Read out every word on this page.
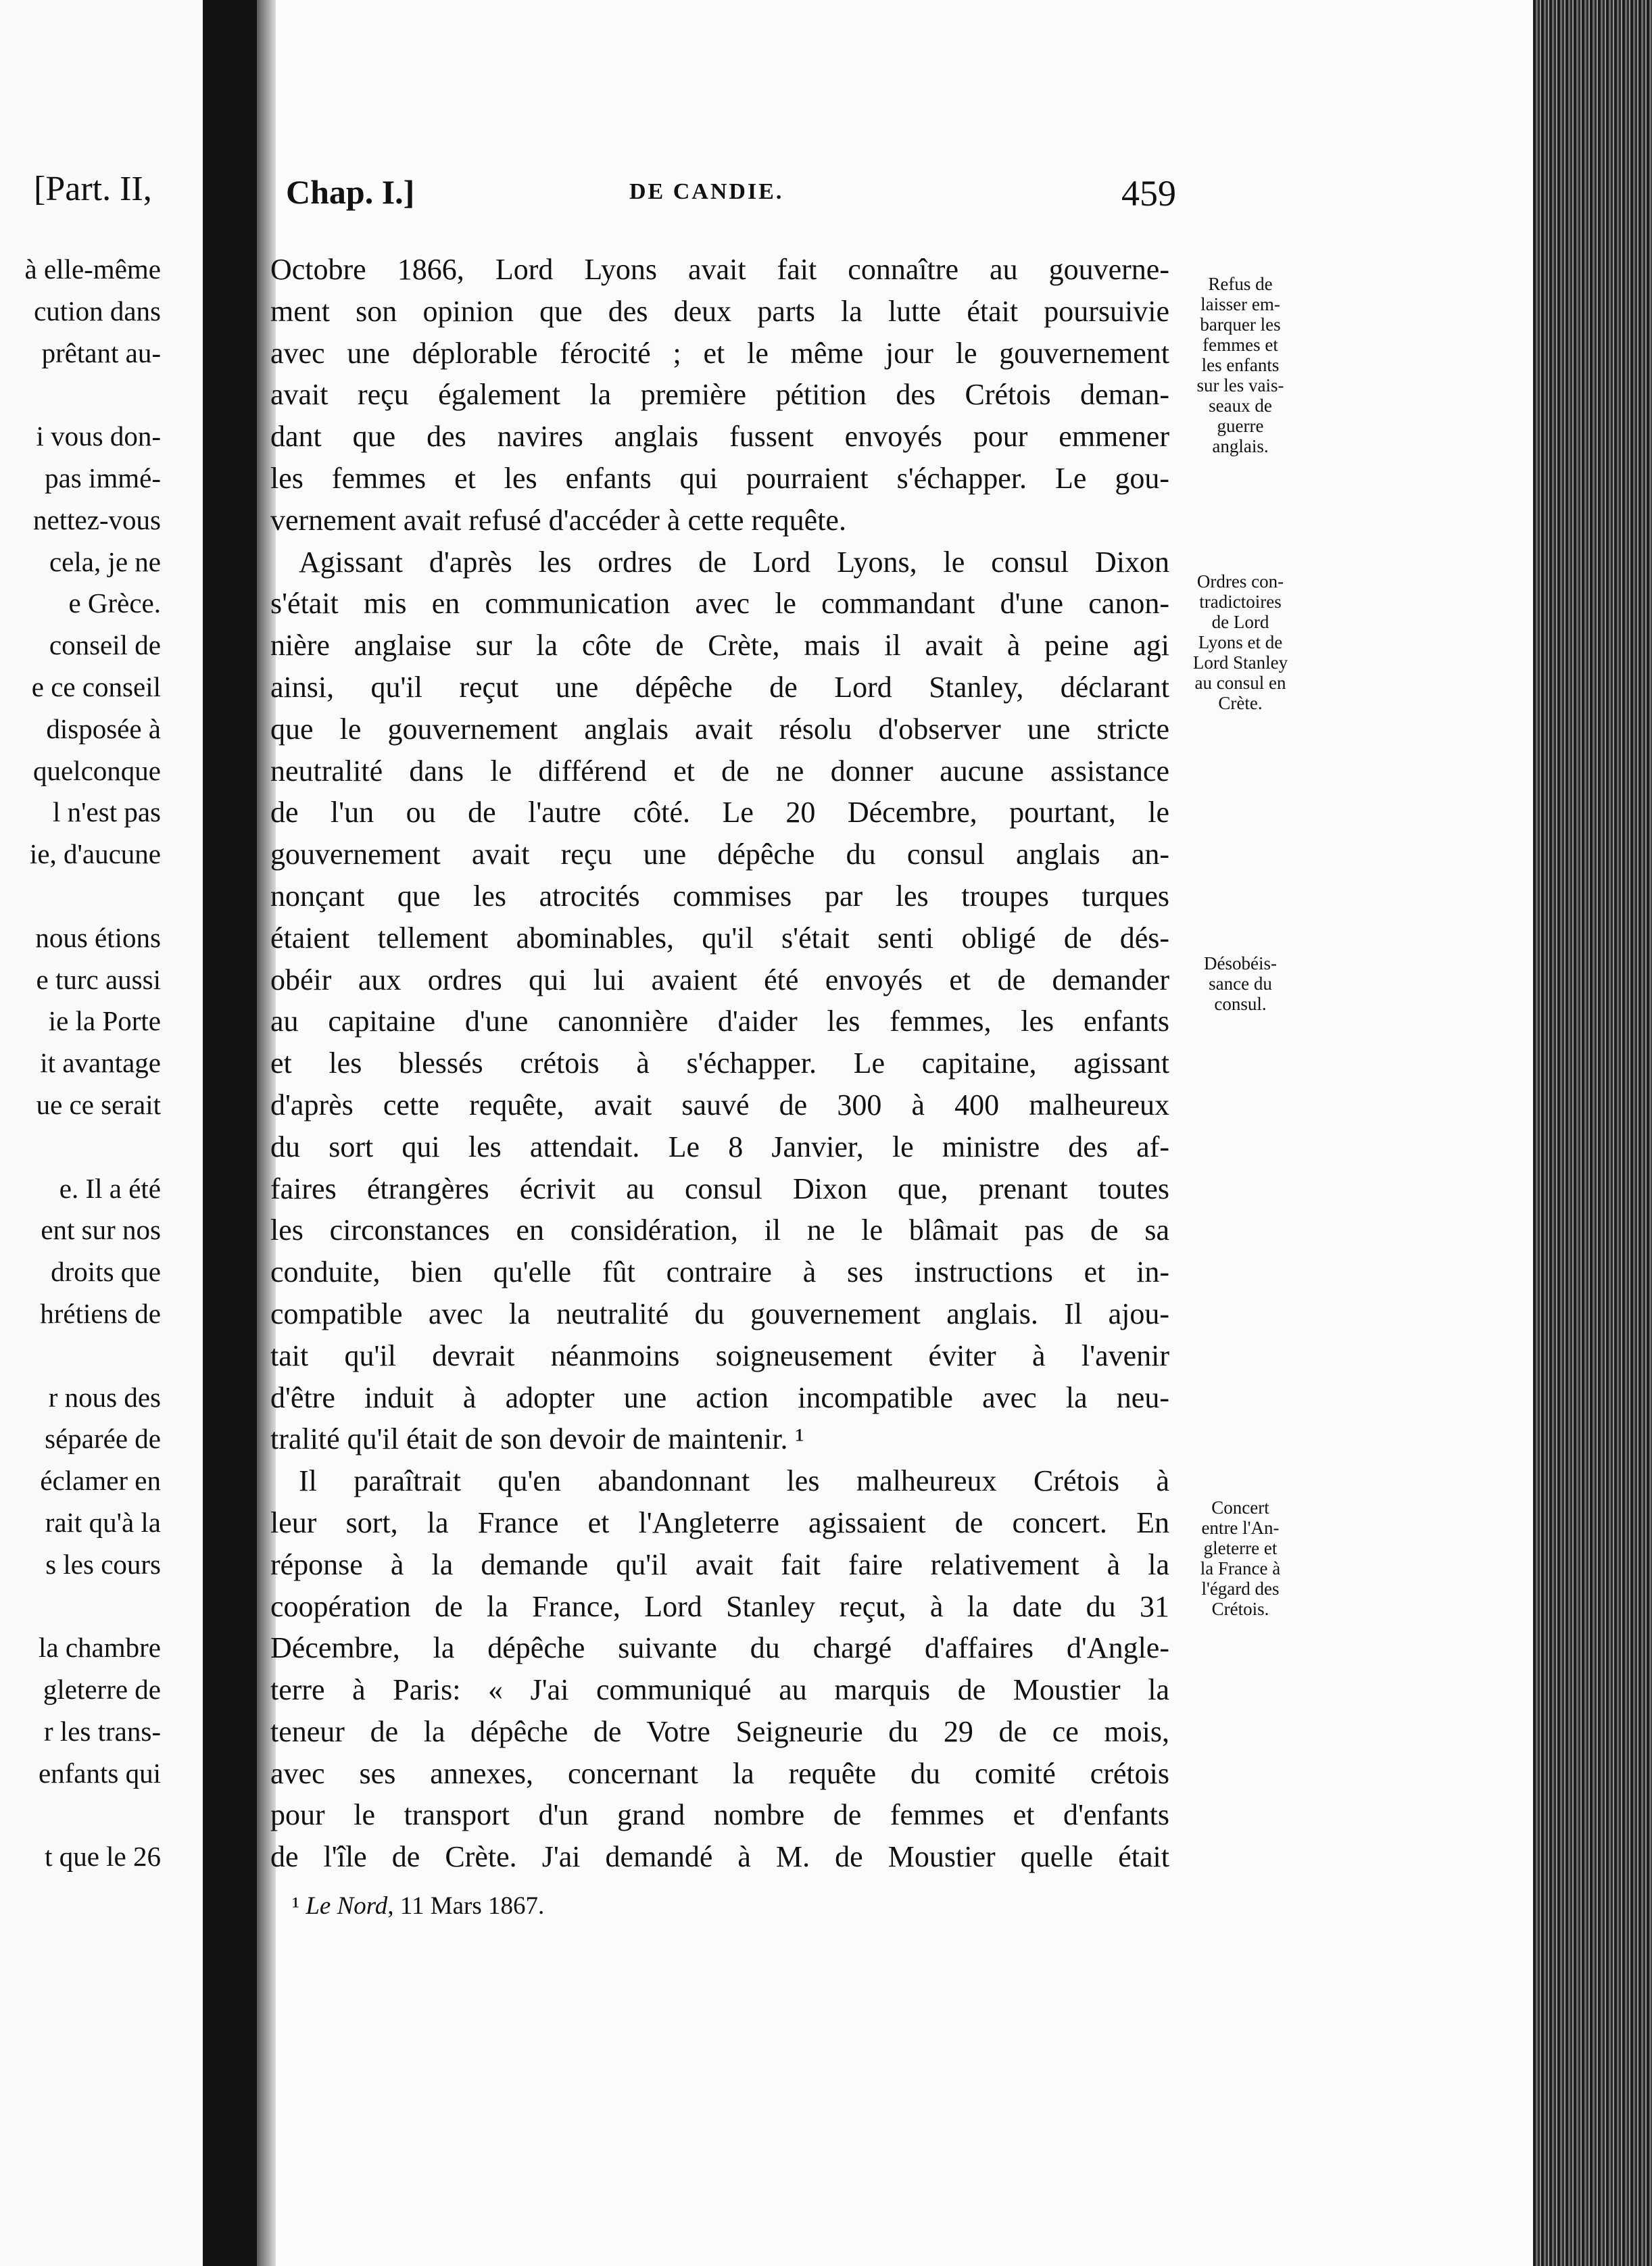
[Part. II,
à elle-même
cution dans
prêtant au-
i vous don-
pas immé-
nettez-vous
cela, je ne
e Grèce.
conseil de
e ce conseil
disposée à
quelconque
l n'est pas
ie, d'aucune
nous étions
e turc aussi
ie la Porte
it avantage
ue ce serait
e. Il a été
ent sur nos
droits que
hrétiens de
r nous des
séparée de
éclamer en
rait qu'à la
s les cours
la chambre
gleterre de
r les trans-
enfants qui
t que le 26
Chap. I.]	DE CANDIE.	459
Octobre 1866, Lord Lyons avait fait connaître au gouverne-
ment son opinion que des deux parts la lutte était poursuivie
avec une déplorable férocité ; et le même jour le gouvernement
avait reçu également la première pétition des Crétois deman-
dant que des navires anglais fussent envoyés pour emmener
les femmes et les enfants qui pourraient s'échapper. Le gou-
vernement avait refusé d'accéder à cette requête.
Agissant d'après les ordres de Lord Lyons, le consul Dixon
s'était mis en communication avec le commandant d'une canon-
nière anglaise sur la côte de Crète, mais il avait à peine agi
ainsi, qu'il reçut une dépêche de Lord Stanley, déclarant
que le gouvernement anglais avait résolu d'observer une stricte
neutralité dans le différend et de ne donner aucune assistance
de l'un ou de l'autre côté. Le 20 Décembre, pourtant, le
gouvernement avait reçu une dépêche du consul anglais an-
nonçant que les atrocités commises par les troupes turques
étaient tellement abominables, qu'il s'était senti obligé de dés-
obéir aux ordres qui lui avaient été envoyés et de demander
au capitaine d'une canonnière d'aider les femmes, les enfants
et les blessés crétois à s'échapper. Le capitaine, agissant
d'après cette requête, avait sauvé de 300 à 400 malheureux
du sort qui les attendait. Le 8 Janvier, le ministre des af-
faires étrangères écrivit au consul Dixon que, prenant toutes
les circonstances en considération, il ne le blâmait pas de sa
conduite, bien qu'elle fût contraire à ses instructions et in-
compatible avec la neutralité du gouvernement anglais. Il ajou-
tait qu'il devrait néanmoins soigneusement éviter à l'avenir
d'être induit à adopter une action incompatible avec la neu-
tralité qu'il était de son devoir de maintenir. ¹
Il paraîtrait qu'en abandonnant les malheureux Crétois à
leur sort, la France et l'Angleterre agissaient de concert. En
réponse à la demande qu'il avait fait faire relativement à la
coopération de la France, Lord Stanley reçut, à la date du 31
Décembre, la dépêche suivante du chargé d'affaires d'Angle-
terre à Paris: « J'ai communiqué au marquis de Moustier la
teneur de la dépêche de Votre Seigneurie du 29 de ce mois,
avec ses annexes, concernant la requête du comité crétois
pour le transport d'un grand nombre de femmes et d'enfants
de l'île de Crète. J'ai demandé à M. de Moustier quelle était
¹ Le Nord, 11 Mars 1867.
Refus de
laisser em-
barquer les
femmes et
les enfants
sur les vais-
seaux de
guerre
anglais.
Ordres con-
tradictoires
de Lord
Lyons et de
Lord Stanley
au consul en
Crète.
Désobéis-
sance du
consul.
Concert
entre l'An-
gleterre et
la France à
l'égard des
Crétois.
